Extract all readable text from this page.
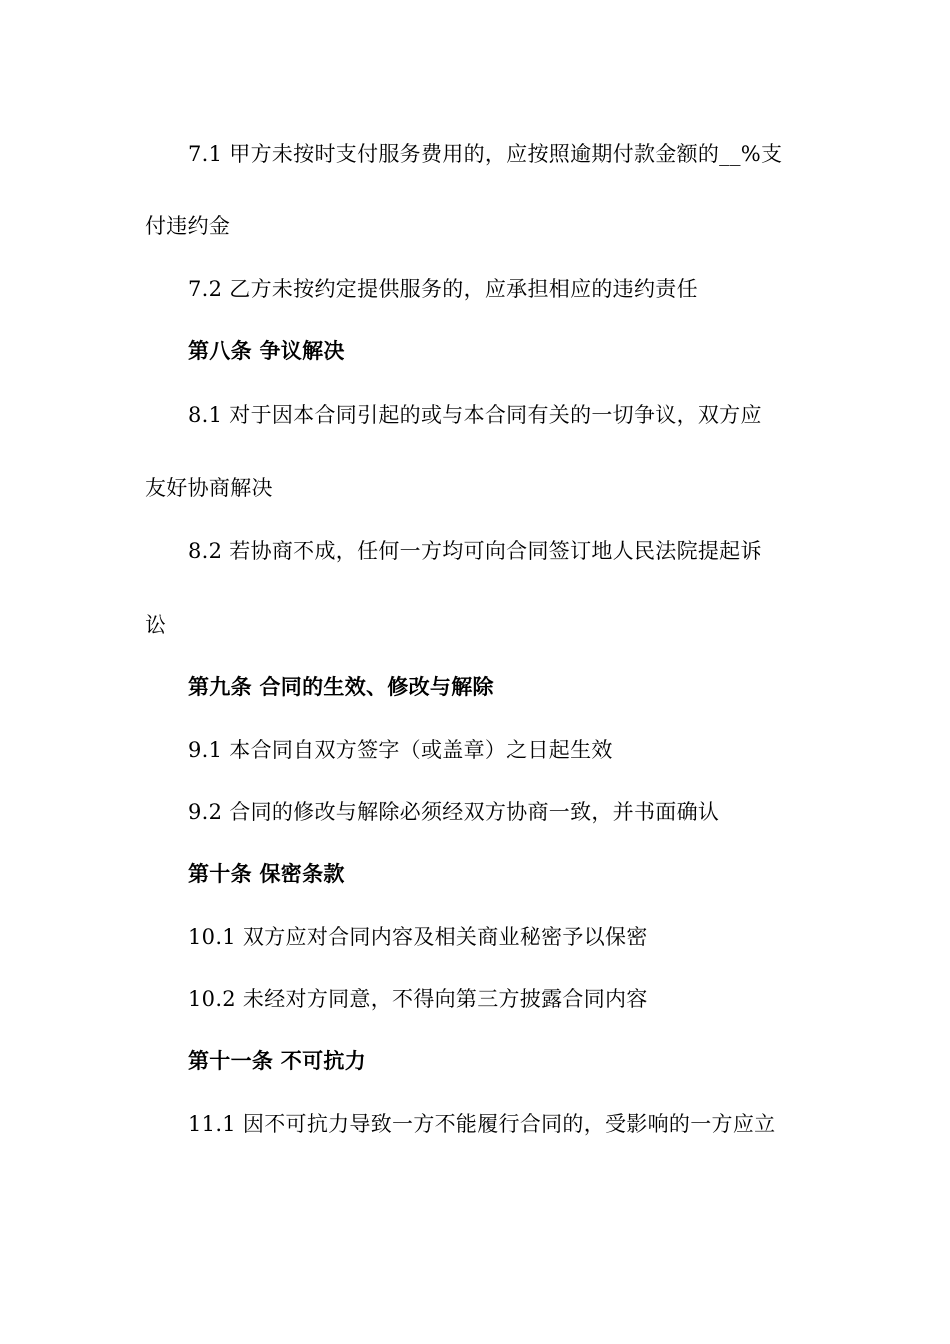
7.1 甲方未按时支付服务费用的，应按照逾期付款金额的__%支
付违约金
7.2 乙方未按约定提供服务的，应承担相应的违约责任
第八条 争议解决
8.1 对于因本合同引起的或与本合同有关的一切争议，双方应
友好协商解决
8.2 若协商不成，任何一方均可向合同签订地人民法院提起诉
讼
第九条 合同的生效、修改与解除
9.1 本合同自双方签字（或盖章）之日起生效
9.2 合同的修改与解除必须经双方协商一致，并书面确认
第十条 保密条款
10.1 双方应对合同内容及相关商业秘密予以保密
10.2 未经对方同意，不得向第三方披露合同内容
第十一条 不可抗力
11.1 因不可抗力导致一方不能履行合同的，受影响的一方应立
